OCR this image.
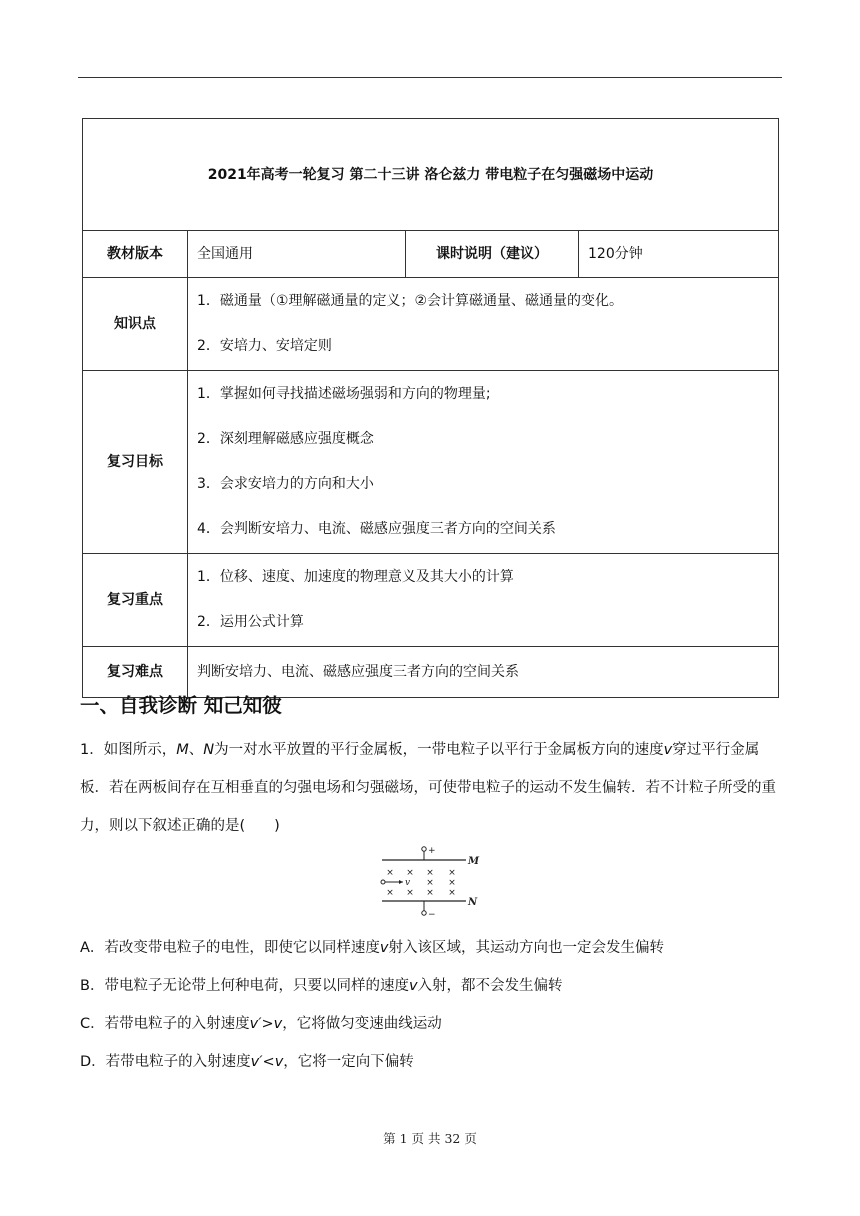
2021年高考一轮复习 第二十三讲 洛仑兹力 带电粒子在匀强磁场中运动			
教材版本	全国通用	课时说明（建议）	120分钟
知识点	1．磁通量（①理解磁通量的定义；②会计算磁通量、磁通量的变化。
2．安培力、安培定则		

复习目标	1．掌握如何寻找描述磁场强弱和方向的物理量;
2．深刻理解磁感应强度概念
3．会求安培力的方向和大小
4．会判断安培力、电流、磁感应强度三者方向的空间关系		

复习重点	1．位移、速度、加速度的物理意义及其大小的计算
2．运用公式计算		

复习难点	判断安培力、电流、磁感应强度三者方向的空间关系		
一、自我诊断 知己知彼

1．如图所示，M、N为一对水平放置的平行金属板，一带电粒子以平行于金属板方向的速度v穿过平行金属板．若在两板间存在互相垂直的匀强电场和匀强磁场，可使带电粒子的运动不发生偏转．若不计粒子所受的重力，则以下叙述正确的是(　　)

+
M
× × × ×
× ×
× × × ×
v
N
−

A．若改变带电粒子的电性，即使它以同样速度v射入该区域，其运动方向也一定会发生偏转

B．带电粒子无论带上何种电荷，只要以同样的速度v入射，都不会发生偏转

C．若带电粒子的入射速度v′>v，它将做匀变速曲线运动

D．若带电粒子的入射速度v′<v，它将一定向下偏转

第 1 页 共 32 页
